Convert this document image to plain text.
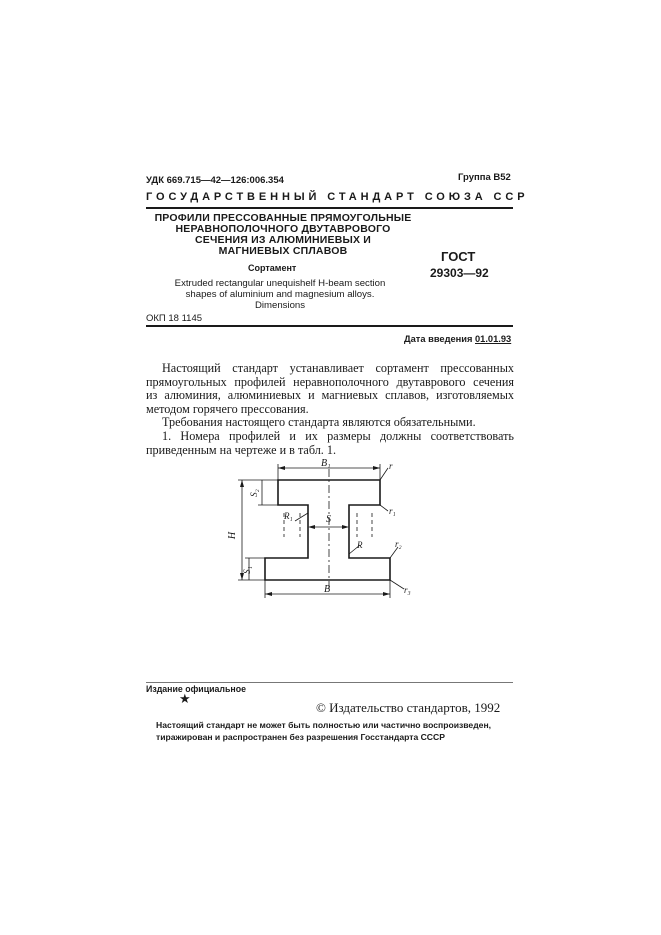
УДК 669.715—42—126:006.354	Группа В52
ГОСУДАРСТВЕННЫЙ СТАНДАРТ СОЮЗА ССР
ПРОФИЛИ ПРЕССОВАННЫЕ ПРЯМОУГОЛЬНЫЕ
НЕРАВНОПОЛОЧНОГО ДВУТАВРОВОГО
СЕЧЕНИЯ ИЗ АЛЮМИНИЕВЫХ И
МАГНИЕВЫХ СПЛАВОВ
Сортамент
Extruded rectangular unequishelf H-beam section
shapes of aluminium and magnesium alloys.
Dimensions
ГОСТ
29303—92
ОКП 18 1145
Дата введения 01.01.93
Настоящий стандарт устанавливает сортамент прессованных
прямоугольных профилей неравнополочного двутаврового сечения
из алюминия, алюминиевых и магниевых сплавов, изготовляемых
методом горячего прессования.
Требования настоящего стандарта являются обязательными.
1. Номера профилей и их размеры должны соответствовать
приведенным на чертеже и в табл. 1.
B₁
B
H
S
S₂
S₁
r
r₁
r₂
r₃
R
R₁
Издание официальное
★
© Издательство стандартов, 1992
Настоящий стандарт не может быть полностью или частично воспроизведен,
тиражирован и распространен без разрешения Госстандарта СССР
